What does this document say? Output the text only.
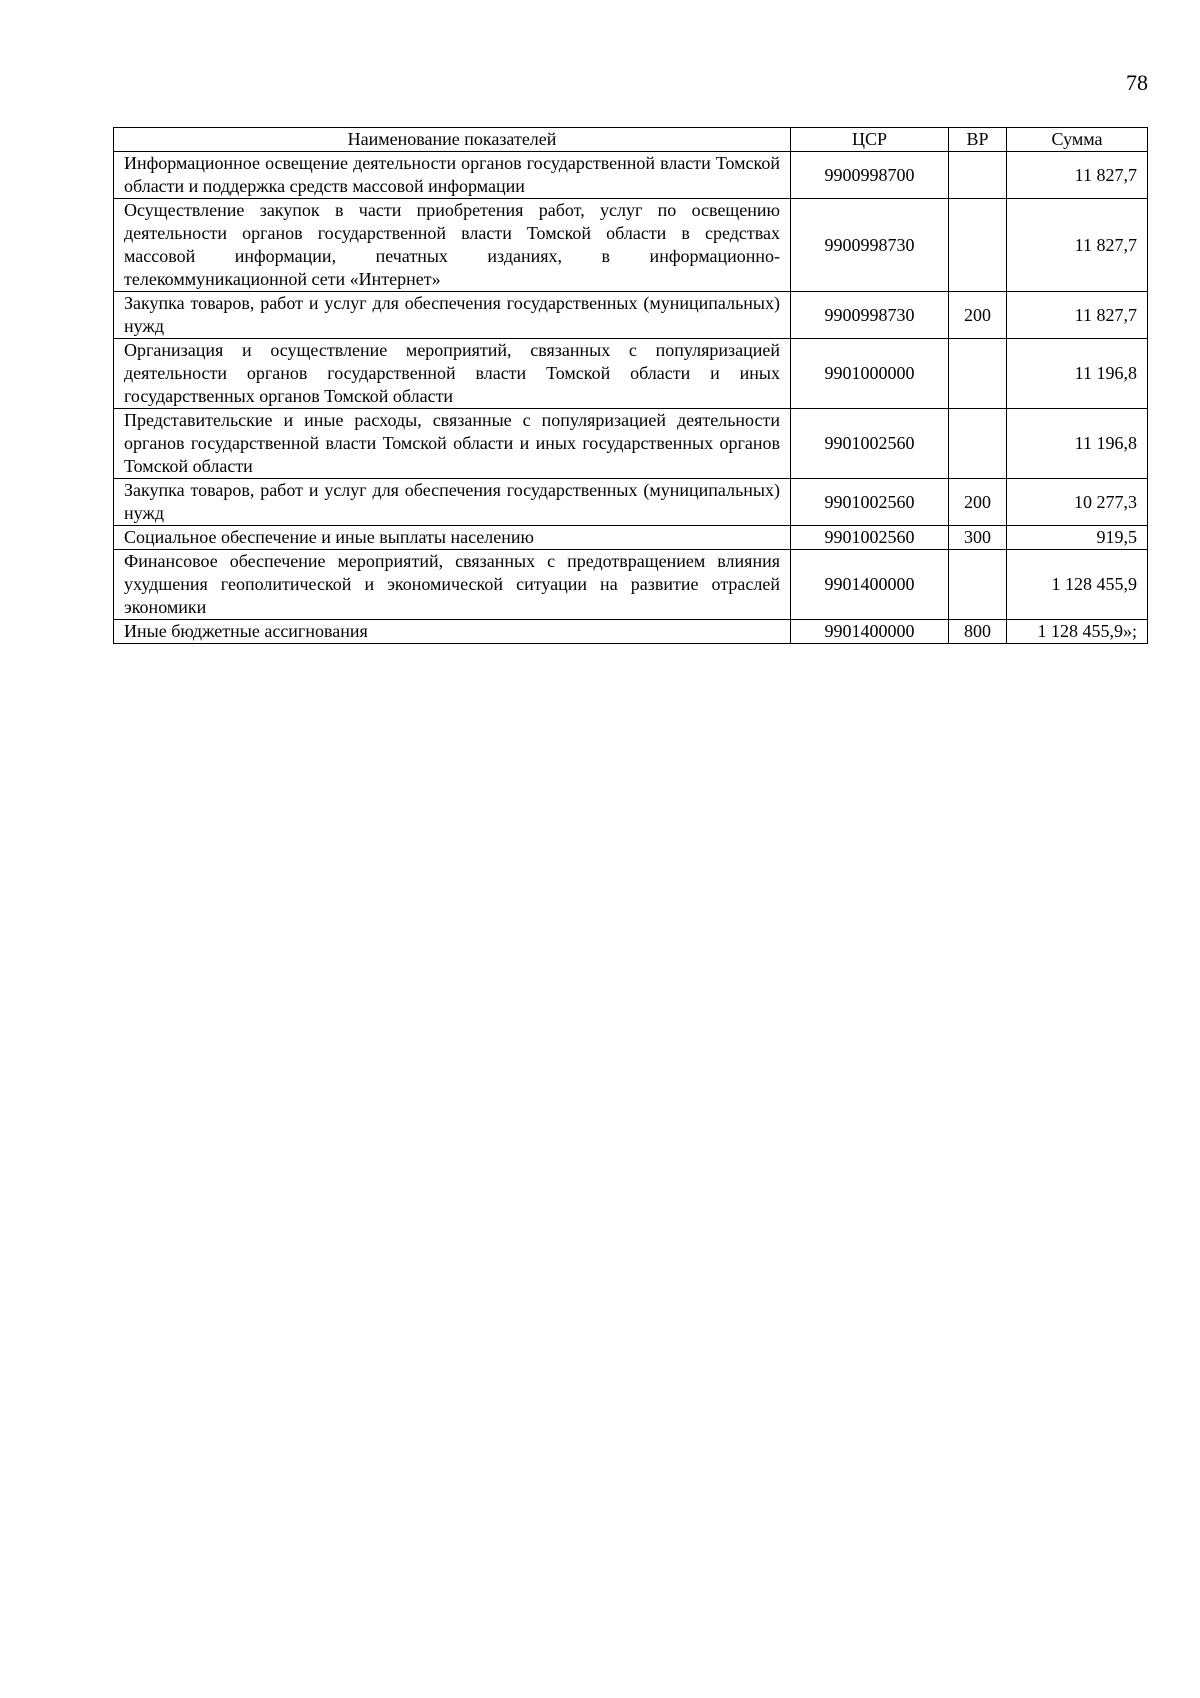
78
Наименование показателей	ЦСР	ВР	Сумма
Информационное освещение деятельности органов государственной власти Томской области и поддержка средств массовой информации	9900998700		11 827,7
Осуществление закупок в части приобретения работ, услуг по освещению деятельности органов государственной власти Томской области в средствах массовой информации, печатных изданиях, в информационно-телекоммуникационной сети «Интернет»	9900998730		11 827,7
Закупка товаров, работ и услуг для обеспечения государственных (муниципальных) нужд	9900998730	200	11 827,7
Организация и осуществление мероприятий, связанных с популяризацией деятельности органов государственной власти Томской области и иных государственных органов Томской области	9901000000		11 196,8
Представительские и иные расходы, связанные с популяризацией деятельности органов государственной власти Томской области и иных государственных органов Томской области	9901002560		11 196,8
Закупка товаров, работ и услуг для обеспечения государственных (муниципальных) нужд	9901002560	200	10 277,3
Социальное обеспечение и иные выплаты населению	9901002560	300	919,5
Финансовое обеспечение мероприятий, связанных с предотвращением влияния ухудшения геополитической и экономической ситуации на развитие отраслей экономики	9901400000		1 128 455,9
Иные бюджетные ассигнования	9901400000	800	1 128 455,9»;
